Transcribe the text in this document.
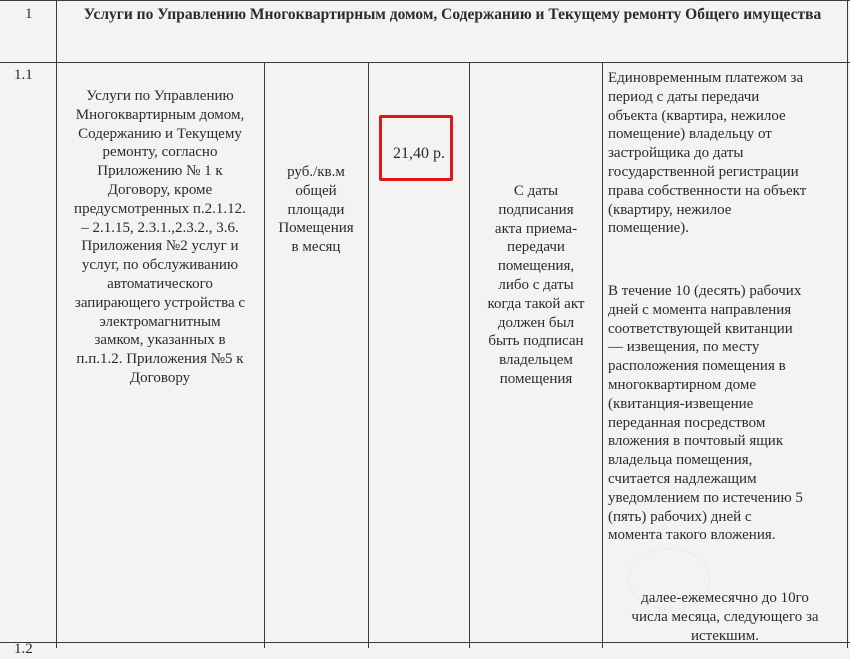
1
1.1
1.2
Услуги по Управлению Многоквартирным домом, Содержанию и Текущему ремонту Общего имущества
Услуги по Управлению
Многоквартирным домом,
Содержанию и Текущему
ремонту, согласно
Приложению № 1 к
Договору, кроме
предусмотренных п.2.1.12.
– 2.1.15, 2.3.1.,2.3.2., 3.6.
Приложения №2 услуг и
услуг, по обслуживанию
автоматического
запирающего устройства с
электромагнитным
замком, указанных в
п.п.1.2. Приложения №5 к
Договору
руб./кв.м
общей
площади
Помещения
в месяц
21,40 р.
С даты
подписания
акта приема-
передачи
помещения,
либо с даты
когда такой акт
должен был
быть подписан
владельцем
помещения
Единовременным платежом за
период с даты передачи
объекта (квартира, нежилое
помещение) владельцу от
застройщика до даты
государственной регистрации
права собственности на объект
(квартиру, нежилое
помещение).
В течение 10 (десять) рабочих
дней с момента направления
соответствующей квитанции
— извещения, по месту
расположения помещения в
многоквартирном доме
(квитанция-извещение
переданная посредством
вложения в почтовый ящик
владельца помещения,
считается надлежащим
уведомлением по истечению 5
(пять) рабочих) дней с
момента такого вложения.
далее-ежемесячно до 10го
числа месяца, следующего за
истекшим.
